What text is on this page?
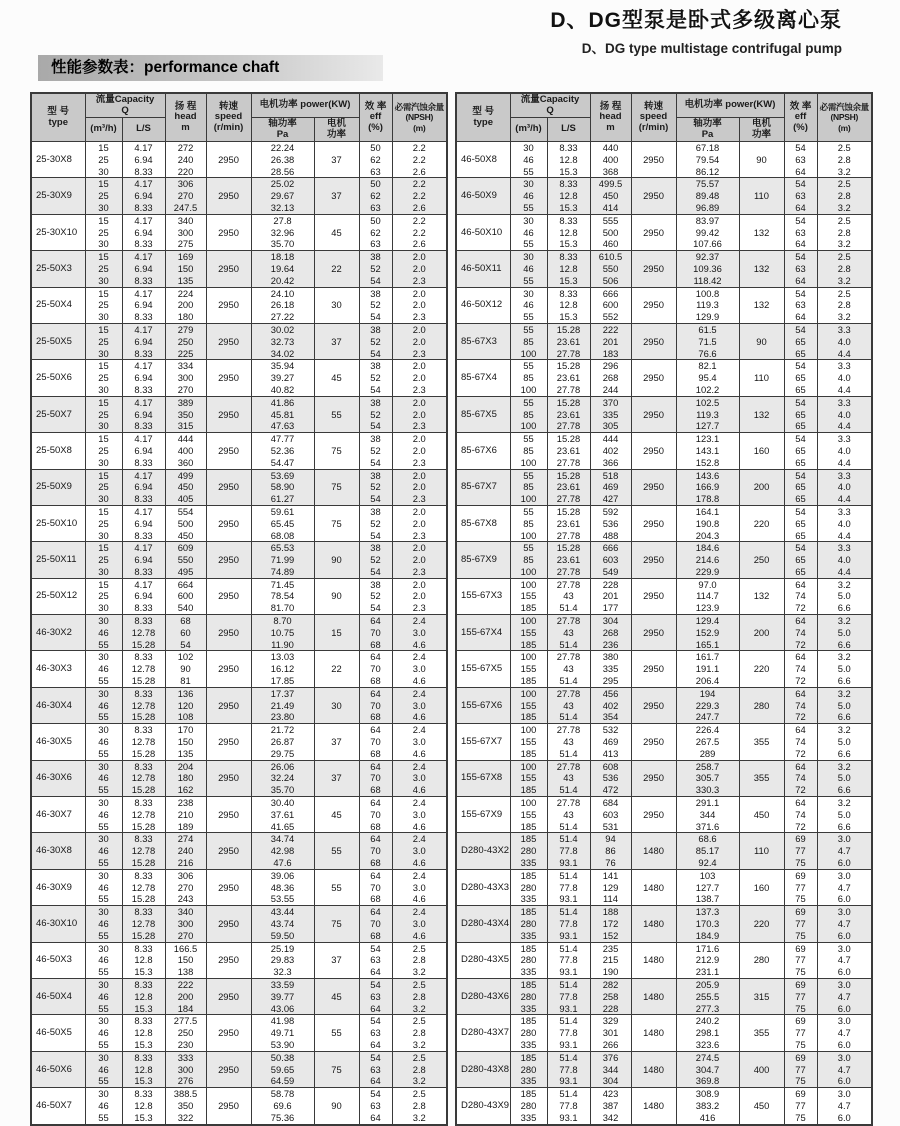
D、DG型泵是卧式多级离心泵
D、DG type multistage contrifugal pump
性能参数表：performance chaft
型 号
type	流量Capacity
Q		扬 程
head
m	转速
speed
(r/min)	电机功率 power(KW)		效 率
eff
(%)	必需汽蚀余量
(NPSH)
(m)
	(m³/h)	L/S			轴功率
Pa	电机
功率		
25-30X8	15	4.17	272	2950	22.24	37	50	2.2
	25	6.94	240		26.38		62	2.2
	30	8.33	220		28.56		63	2.6
25-30X9	15	4.17	306	2950	25.02	37	50	2.2
	25	6.94	270		29.67		62	2.2
	30	8.33	247.5		32.13		63	2.6
25-30X10	15	4.17	340	2950	27.8	45	50	2.2
	25	6.94	300		32.96		62	2.2
	30	8.33	275		35.70		63	2.6
25-50X3	15	4.17	169	2950	18.18	22	38	2.0
	25	6.94	150		19.64		52	2.0
	30	8.33	135		20.42		54	2.3
25-50X4	15	4.17	224	2950	24.10	30	38	2.0
	25	6.94	200		26.18		52	2.0
	30	8.33	180		27.22		54	2.3
25-50X5	15	4.17	279	2950	30.02	37	38	2.0
	25	6.94	250		32.73		52	2.0
	30	8.33	225		34.02		54	2.3
25-50X6	15	4.17	334	2950	35.94	45	38	2.0
	25	6.94	300		39.27		52	2.0
	30	8.33	270		40.82		54	2.3
25-50X7	15	4.17	389	2950	41.86	55	38	2.0
	25	6.94	350		45.81		52	2.0
	30	8.33	315		47.63		54	2.3
25-50X8	15	4.17	444	2950	47.77	75	38	2.0
	25	6.94	400		52.36		52	2.0
	30	8.33	360		54.47		54	2.3
25-50X9	15	4.17	499	2950	53.69	75	38	2.0
	25	6.94	450		58.90		52	2.0
	30	8.33	405		61.27		54	2.3
25-50X10	15	4.17	554	2950	59.61	75	38	2.0
	25	6.94	500		65.45		52	2.0
	30	8.33	450		68.08		54	2.3
25-50X11	15	4.17	609	2950	65.53	90	38	2.0
	25	6.94	550		71.99		52	2.0
	30	8.33	495		74.89		54	2.3
25-50X12	15	4.17	664	2950	71.45	90	38	2.0
	25	6.94	600		78.54		52	2.0
	30	8.33	540		81.70		54	2.3
46-30X2	30	8.33	68	2950	8.70	15	64	2.4
	46	12.78	60		10.75		70	3.0
	55	15.28	54		11.90		68	4.6
46-30X3	30	8.33	102	2950	13.03	22	64	2.4
	46	12.78	90		16.12		70	3.0
	55	15.28	81		17.85		68	4.6
46-30X4	30	8.33	136	2950	17.37	30	64	2.4
	46	12.78	120		21.49		70	3.0
	55	15.28	108		23.80		68	4.6
46-30X5	30	8.33	170	2950	21.72	37	64	2.4
	46	12.78	150		26.87		70	3.0
	55	15.28	135		29.75		68	4.6
46-30X6	30	8.33	204	2950	26.06	37	64	2.4
	46	12.78	180		32.24		70	3.0
	55	15.28	162		35.70		68	4.6
46-30X7	30	8.33	238	2950	30.40	45	64	2.4
	46	12.78	210		37.61		70	3.0
	55	15.28	189		41.65		68	4.6
46-30X8	30	8.33	274	2950	34.74	55	64	2.4
	46	12.78	240		42.98		70	3.0
	55	15.28	216		47.6		68	4.6
46-30X9	30	8.33	306	2950	39.06	55	64	2.4
	46	12.78	270		48.36		70	3.0
	55	15.28	243		53.55		68	4.6
46-30X10	30	8.33	340	2950	43.44	75	64	2.4
	46	12.78	300		43.74		70	3.0
	55	15.28	270		59.50		68	4.6
46-50X3	30	8.33	166.5	2950	25.19	37	54	2.5
	46	12.8	150		29.83		63	2.8
	55	15.3	138		32.3		64	3.2
46-50X4	30	8.33	222	2950	33.59	45	54	2.5
	46	12.8	200		39.77		63	2.8
	55	15.3	184		43.06		64	3.2
46-50X5	30	8.33	277.5	2950	41.98	55	54	2.5
	46	12.8	250		49.71		63	2.8
	55	15.3	230		53.90		64	3.2
46-50X6	30	8.33	333	2950	50.38	75	54	2.5
	46	12.8	300		59.65		63	2.8
	55	15.3	276		64.59		64	3.2
46-50X7	30	8.33	388.5	2950	58.78	90	54	2.5
	46	12.8	350		69.6		63	2.8
	55	15.3	322		75.36		64	3.2
型 号
type	流量Capacity
Q		扬 程
head
m	转速
speed
(r/min)	电机功率 power(KW)		效 率
eff
(%)	必需汽蚀余量
(NPSH)
(m)
	(m³/h)	L/S			轴功率
Pa	电机
功率		
46-50X8	30	8.33	440	2950	67.18	90	54	2.5
	46	12.8	400		79.54		63	2.8
	55	15.3	368		86.12		64	3.2
46-50X9	30	8.33	499.5	2950	75.57	110	54	2.5
	46	12.8	450		89.48		63	2.8
	55	15.3	414		96.89		64	3.2
46-50X10	30	8.33	555	2950	83.97	132	54	2.5
	46	12.8	500		99.42		63	2.8
	55	15.3	460		107.66		64	3.2
46-50X11	30	8.33	610.5	2950	92.37	132	54	2.5
	46	12.8	550		109.36		63	2.8
	55	15.3	506		118.42		64	3.2
46-50X12	30	8.33	666	2950	100.8	132	54	2.5
	46	12.8	600		119.3		63	2.8
	55	15.3	552		129.9		64	3.2
85-67X3	55	15.28	222	2950	61.5	90	54	3.3
	85	23.61	201		71.5		65	4.0
	100	27.78	183		76.6		65	4.4
85-67X4	55	15.28	296	2950	82.1	110	54	3.3
	85	23.61	268		95.4		65	4.0
	100	27.78	244		102.2		65	4.4
85-67X5	55	15.28	370	2950	102.5	132	54	3.3
	85	23.61	335		119.3		65	4.0
	100	27.78	305		127.7		65	4.4
85-67X6	55	15.28	444	2950	123.1	160	54	3.3
	85	23.61	402		143.1		65	4.0
	100	27.78	366		152.8		65	4.4
85-67X7	55	15.28	518	2950	143.6	200	54	3.3
	85	23.61	469		166.9		65	4.0
	100	27.78	427		178.8		65	4.4
85-67X8	55	15.28	592	2950	164.1	220	54	3.3
	85	23.61	536		190.8		65	4.0
	100	27.78	488		204.3		65	4.4
85-67X9	55	15.28	666	2950	184.6	250	54	3.3
	85	23.61	603		214.6		65	4.0
	100	27.78	549		229.9		65	4.4
155-67X3	100	27.78	228	2950	97.0	132	64	3.2
	155	43	201		114.7		74	5.0
	185	51.4	177		123.9		72	6.6
155-67X4	100	27.78	304	2950	129.4	200	64	3.2
	155	43	268		152.9		74	5.0
	185	51.4	236		165.1		72	6.6
155-67X5	100	27.78	380	2950	161.7	220	64	3.2
	155	43	335		191.1		74	5.0
	185	51.4	295		206.4		72	6.6
155-67X6	100	27.78	456	2950	194	280	64	3.2
	155	43	402		229.3		74	5.0
	185	51.4	354		247.7		72	6.6
155-67X7	100	27.78	532	2950	226.4	355	64	3.2
	155	43	469		267.5		74	5.0
	185	51.4	413		289		72	6.6
155-67X8	100	27.78	608	2950	258.7	355	64	3.2
	155	43	536		305.7		74	5.0
	185	51.4	472		330.3		72	6.6
155-67X9	100	27.78	684	2950	291.1	450	64	3.2
	155	43	603		344		74	5.0
	185	51.4	531		371.6		72	6.6
D280-43X2	185	51.4	94	1480	68.6	110	69	3.0
	280	77.8	86		85.17		77	4.7
	335	93.1	76		92.4		75	6.0
D280-43X3	185	51.4	141	1480	103	160	69	3.0
	280	77.8	129		127.7		77	4.7
	335	93.1	114		138.7		75	6.0
D280-43X4	185	51.4	188	1480	137.3	220	69	3.0
	280	77.8	172		170.3		77	4.7
	335	93.1	152		184.9		75	6.0
D280-43X5	185	51.4	235	1480	171.6	280	69	3.0
	280	77.8	215		212.9		77	4.7
	335	93.1	190		231.1		75	6.0
D280-43X6	185	51.4	282	1480	205.9	315	69	3.0
	280	77.8	258		255.5		77	4.7
	335	93.1	228		277.3		75	6.0
D280-43X7	185	51.4	329	1480	240.2	355	69	3.0
	280	77.8	301		298.1		77	4.7
	335	93.1	266		323.6		75	6.0
D280-43X8	185	51.4	376	1480	274.5	400	69	3.0
	280	77.8	344		304.7		77	4.7
	335	93.1	304		369.8		75	6.0
D280-43X9	185	51.4	423	1480	308.9	450	69	3.0
	280	77.8	387		383.2		77	4.7
	335	93.1	342		416		75	6.0
